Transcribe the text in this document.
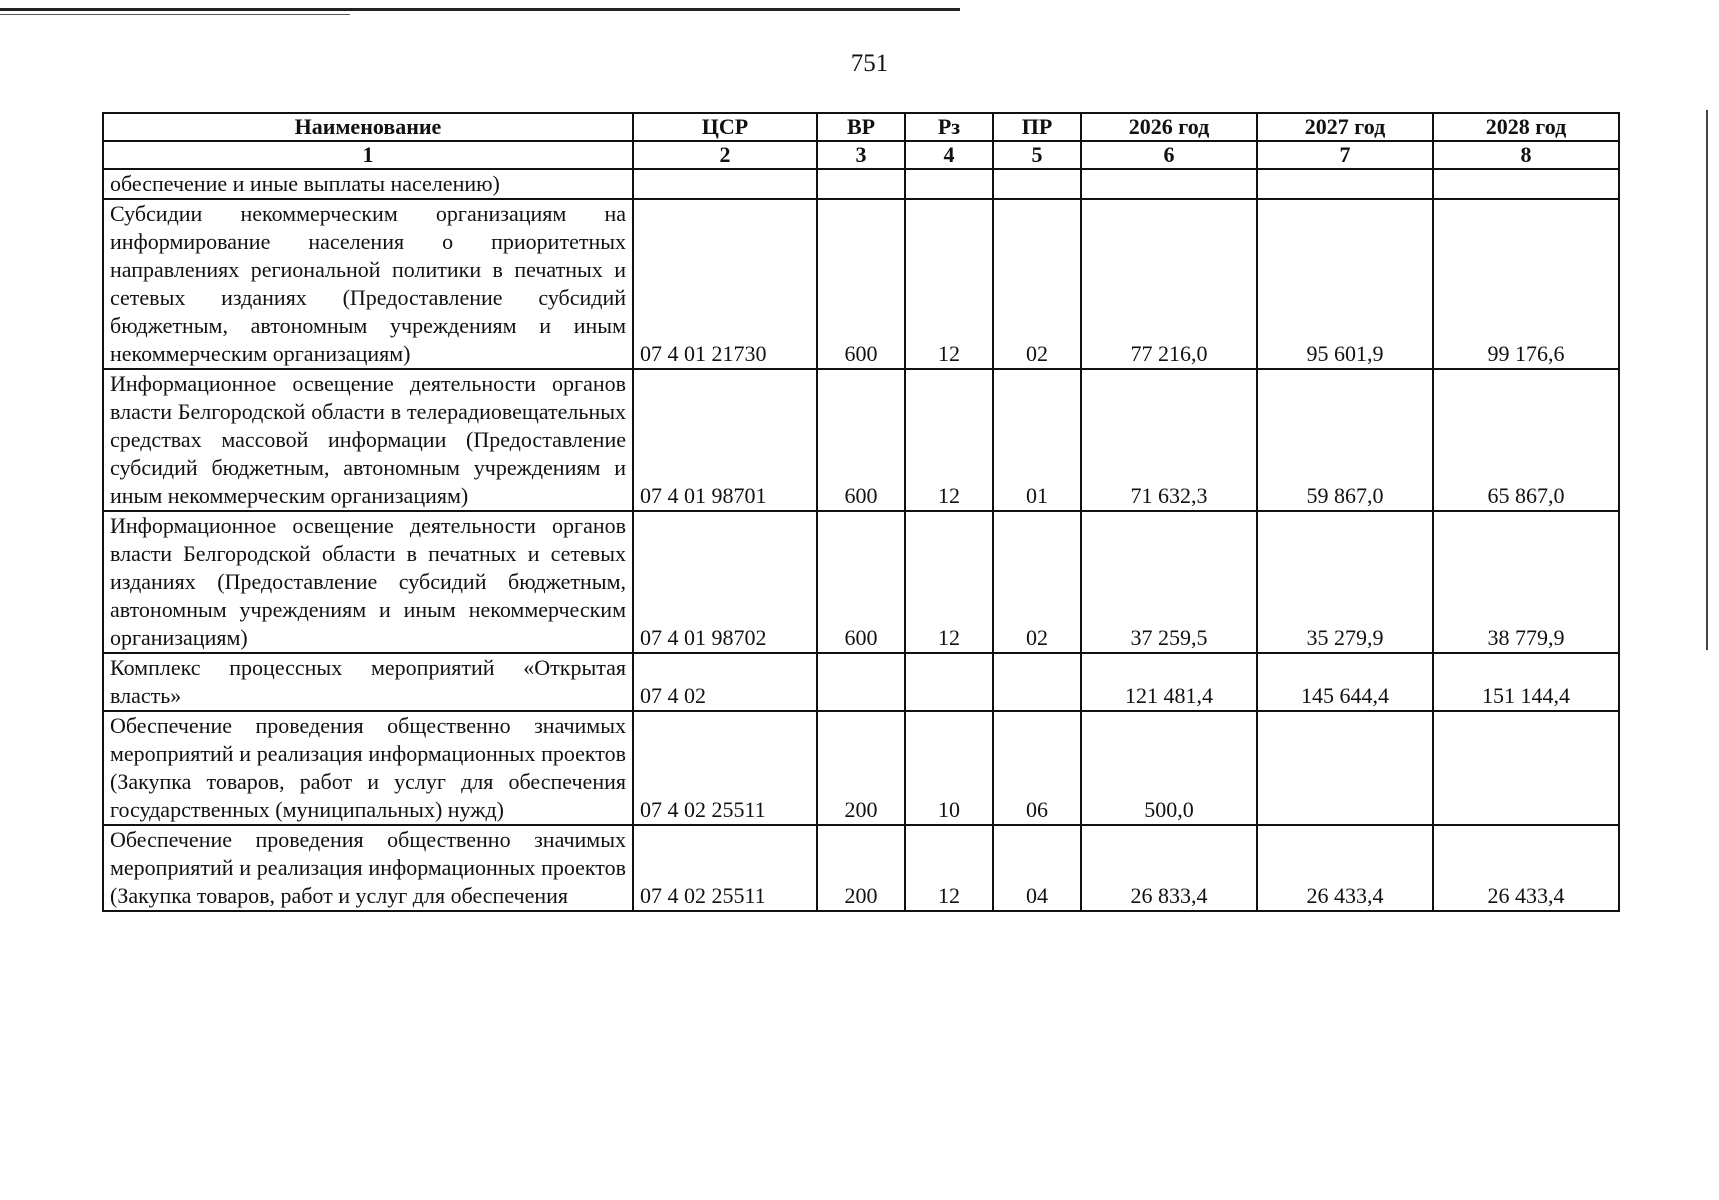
751
Наименование	ЦСР	ВР	Рз	ПР	2026 год	2027 год	2028 год
1	2	3	4	5	6	7	8
обеспечение и иные выплаты населению)							
Субсидии некоммерческим организациям на информирование населения о приоритетных направлениях региональной политики в печатных и сетевых изданиях (Предоставление субсидий бюджетным, автономным учреждениям и иным некоммерческим организациям)	07 4 01 21730	600	12	02	77 216,0	95 601,9	99 176,6
Информационное освещение деятельности органов власти Белгородской области в телерадиовещательных средствах массовой информации (Предоставление субсидий бюджетным, автономным учреждениям и иным некоммерческим организациям)	07 4 01 98701	600	12	01	71 632,3	59 867,0	65 867,0
Информационное освещение деятельности органов власти Белгородской области в печатных и сетевых изданиях (Предоставление субсидий бюджетным, автономным учреждениям и иным некоммерческим организациям)	07 4 01 98702	600	12	02	37 259,5	35 279,9	38 779,9
Комплекс процессных мероприятий «Открытая власть»	07 4 02				121 481,4	145 644,4	151 144,4
Обеспечение проведения общественно значимых мероприятий и реализация информационных проектов (Закупка товаров, работ и услуг для обеспечения государственных (муниципальных) нужд)	07 4 02 25511	200	10	06	500,0		
Обеспечение проведения общественно значимых мероприятий и реализация информационных проектов (Закупка товаров, работ и услуг для обеспечения	07 4 02 25511	200	12	04	26 833,4	26 433,4	26 433,4
